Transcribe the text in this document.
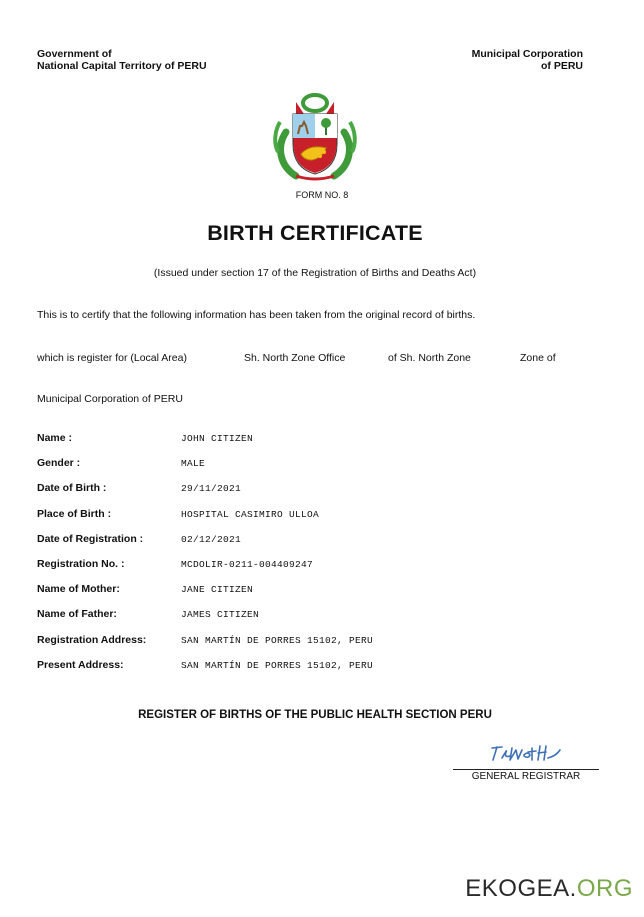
Government of
National Capital Territory of PERU
Municipal Corporation
of PERU
FORM NO. 8
BIRTH CERTIFICATE
(Issued under section 17 of the Registration of Births and Deaths Act)
This is to certify that the following information has been taken from the original record of births.
which is register for (Local Area)	Sh. North Zone Office	of Sh. North Zone	Zone of
Municipal Corporation of PERU
Name :	JOHN CITIZEN
Gender :	MALE
Date of Birth :	29/11/2021
Place of Birth :	HOSPITAL CASIMIRO ULLOA
Date of Registration :	02/12/2021
Registration No. :	MCDOLIR-0211-004409247
Name of Mother:	JANE CITIZEN
Name of Father:	JAMES CITIZEN
Registration Address:	SAN MARTÍN DE PORRES 15102, PERU
Present Address:	SAN MARTÍN DE PORRES 15102, PERU
REGISTER OF BIRTHS OF THE PUBLIC HEALTH SECTION PERU
GENERAL REGISTRAR
EKOGEA.ORG
